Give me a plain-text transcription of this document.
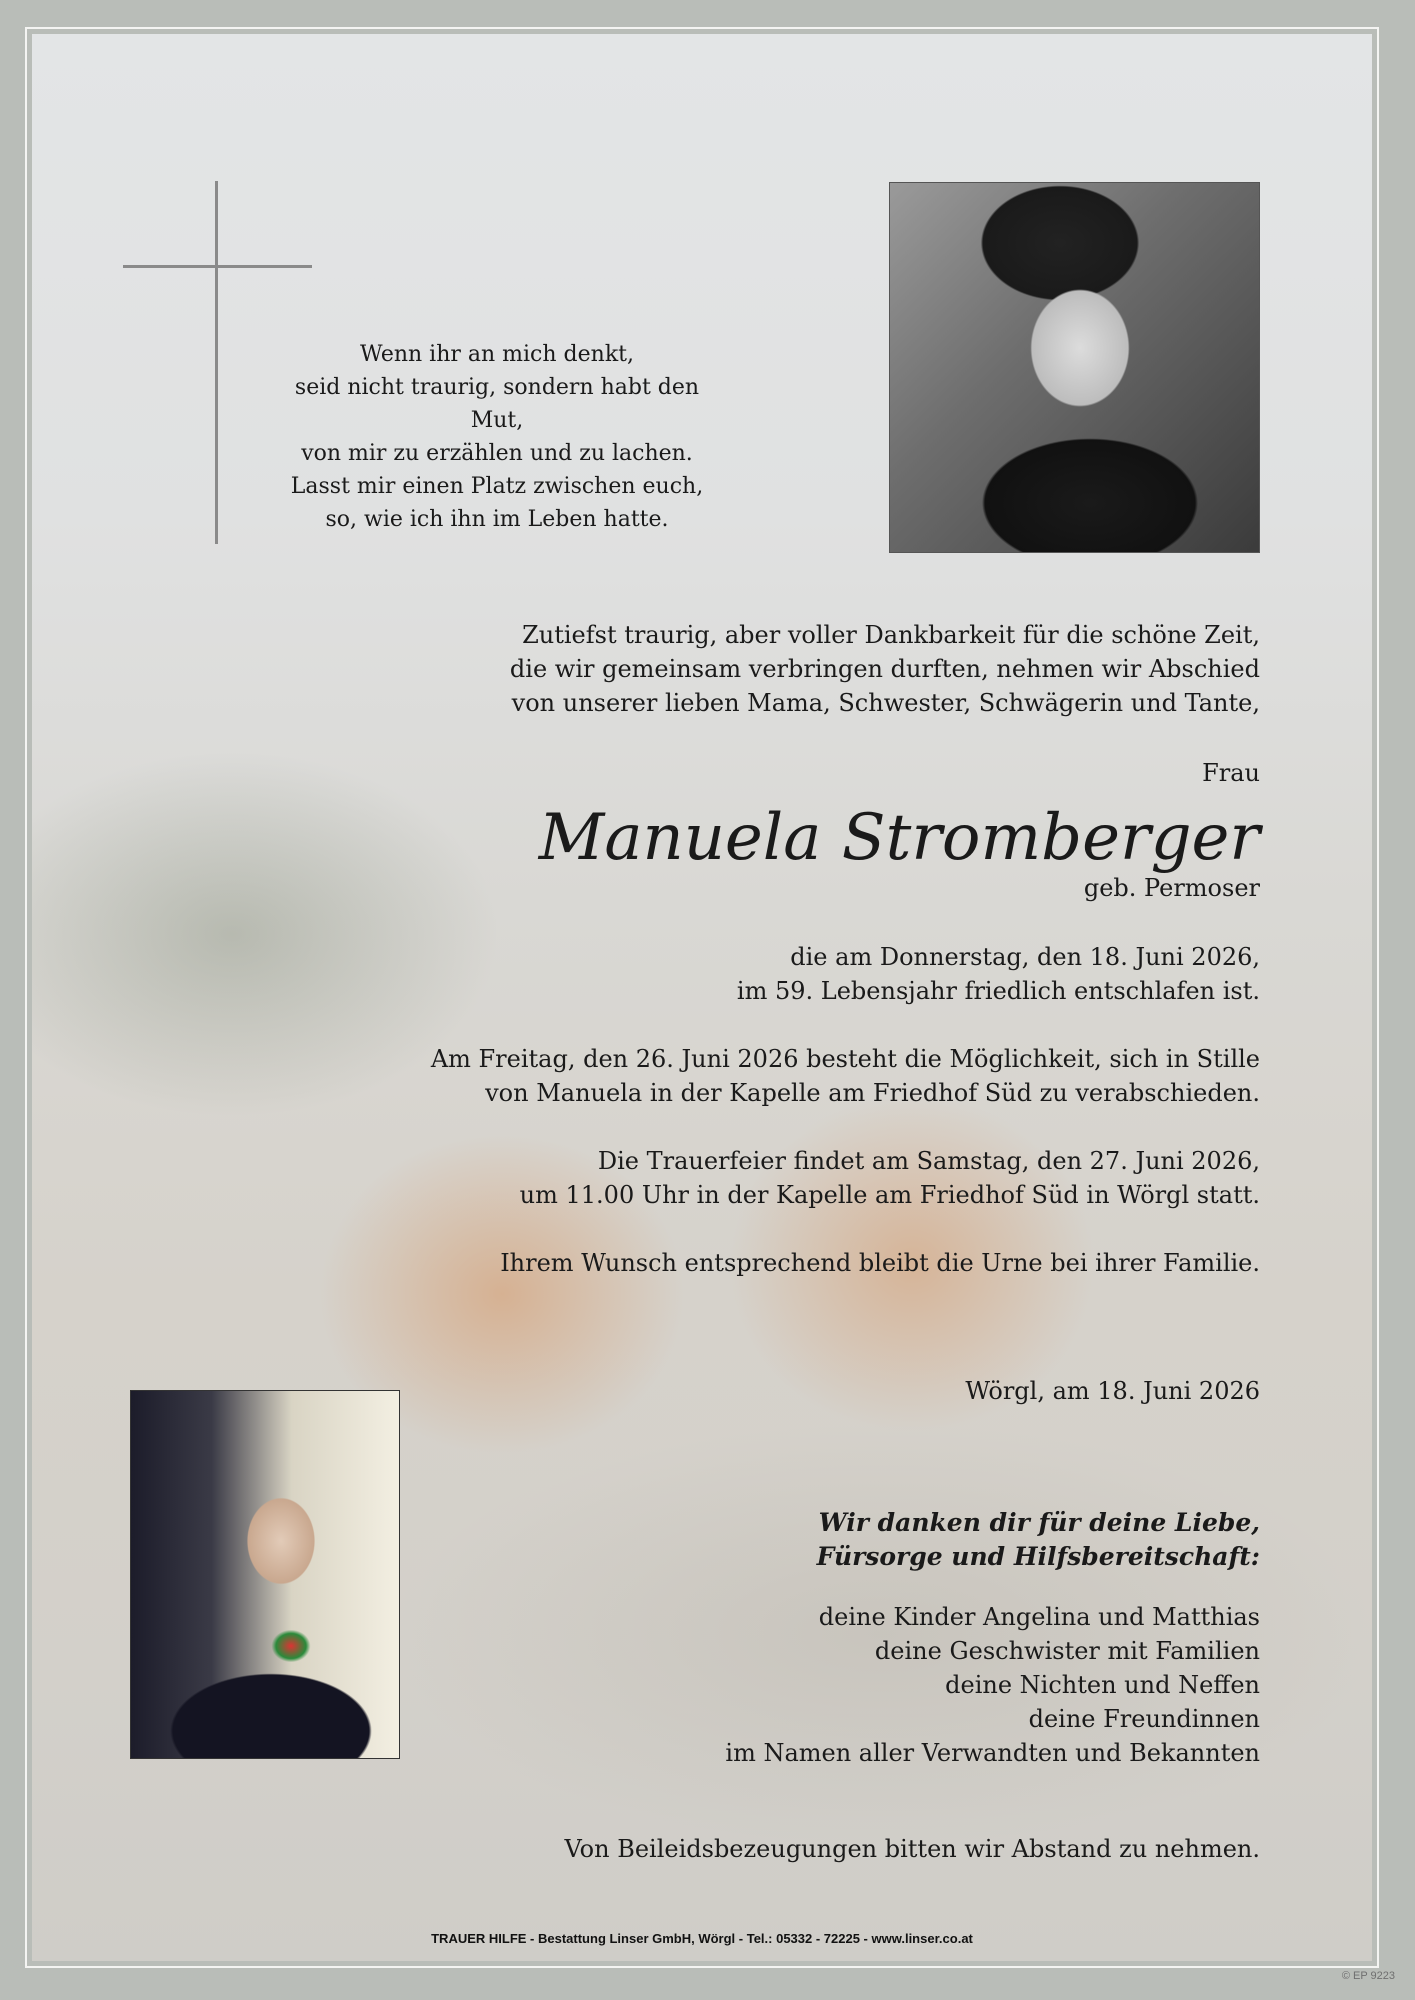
Wenn ihr an mich denkt,
seid nicht traurig, sondern habt den Mut,
von mir zu erzählen und zu lachen.
Lasst mir einen Platz zwischen euch,
so, wie ich ihn im Leben hatte.
Zutiefst traurig, aber voller Dankbarkeit für die schöne Zeit,
die wir gemeinsam verbringen durften, nehmen wir Abschied
von unserer lieben Mama, Schwester, Schwägerin und Tante,
Frau
Manuela Stromberger
geb. Permoser
die am Donnerstag, den 18. Juni 2026,
im 59. Lebensjahr friedlich entschlafen ist.
Am Freitag, den 26. Juni 2026 besteht die Möglichkeit, sich in Stille
von Manuela in der Kapelle am Friedhof Süd zu verabschieden.
Die Trauerfeier findet am Samstag, den 27. Juni 2026,
um 11.00 Uhr in der Kapelle am Friedhof Süd in Wörgl statt.
Ihrem Wunsch entsprechend bleibt die Urne bei ihrer Familie.
Wörgl, am 18. Juni 2026
Wir danken dir für deine Liebe,
Fürsorge und Hilfsbereitschaft:
deine Kinder Angelina und Matthias
deine Geschwister mit Familien
deine Nichten und Neffen
deine Freundinnen
im Namen aller Verwandten und Bekannten
Von Beileidsbezeugungen bitten wir Abstand zu nehmen.
TRAUER HILFE - Bestattung Linser GmbH, Wörgl - Tel.: 05332 - 72225 - www.linser.co.at
© EP 9223
